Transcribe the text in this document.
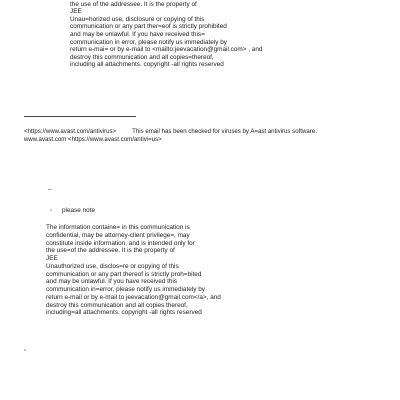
the use of the addressee. It is the property of
JEE
Unau=horized use, disclosure or copying of this
communication or any part ther=eof is strictly prohibited
and may be unlawful. If you have received this=
communication in error, please notify us immediately by
return e-mai= or by e-mail to <mailto:jeevacation@gmail.com> , and
destroy this communication and all copies=thereof,
including all attachments. copyright -all rights reserved
<https://www.avast.com/antivirus>	This email has been checked for viruses by A=ast antivirus software.
www.avast.com <https://www.avast.com/antivi=us>
–
◦ please note
The information containe= in this communication is
confidential, may be attorney-client privilege=, may
constitute inside information, and is intended only for
the use=of the addressee. It is the property of
JEE
Unauthorized use, disclos=re or copying of this
communication or any part thereof is strictly proh=bited
and may be unlawful. If you have received this
communication in=error, please notify us immediately by
return e-mail or by e-mail to jeevacation@gmail.com</a>, and
destroy this communication and all copies thereof,
including=all attachments. copyright -all rights reserved
▫
